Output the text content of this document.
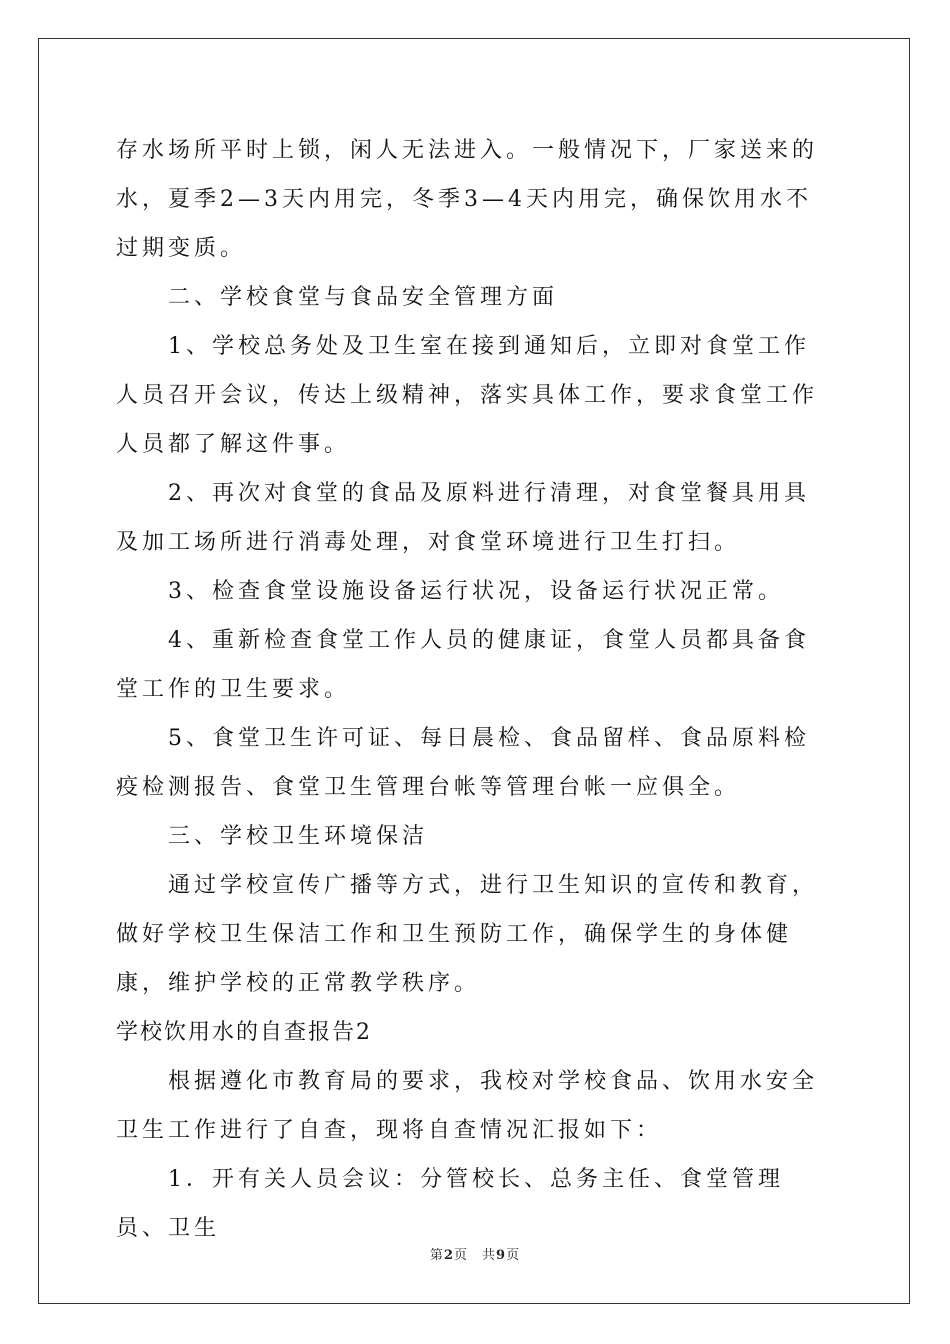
存水场所平时上锁，闲人无法进入。一般情况下，厂家送来的水，夏季2—3天内用完，冬季3—4天内用完，确保饮用水不过期变质。

二、学校食堂与食品安全管理方面

1、学校总务处及卫生室在接到通知后，立即对食堂工作人员召开会议，传达上级精神，落实具体工作，要求食堂工作人员都了解这件事。

2、再次对食堂的食品及原料进行清理，对食堂餐具用具及加工场所进行消毒处理，对食堂环境进行卫生打扫。

3、检查食堂设施设备运行状况，设备运行状况正常。

4、重新检查食堂工作人员的健康证，食堂人员都具备食堂工作的卫生要求。

5、食堂卫生许可证、每日晨检、食品留样、食品原料检疫检测报告、食堂卫生管理台帐等管理台帐一应俱全。

三、学校卫生环境保洁

通过学校宣传广播等方式，进行卫生知识的宣传和教育，做好学校卫生保洁工作和卫生预防工作，确保学生的身体健康，维护学校的正常教学秩序。

学校饮用水的自查报告2

根据遵化市教育局的要求，我校对学校食品、饮用水安全卫生工作进行了自查，现将自查情况汇报如下：

1．开有关人员会议：分管校长、总务主任、食堂管理员、卫生

第2页 共9页
